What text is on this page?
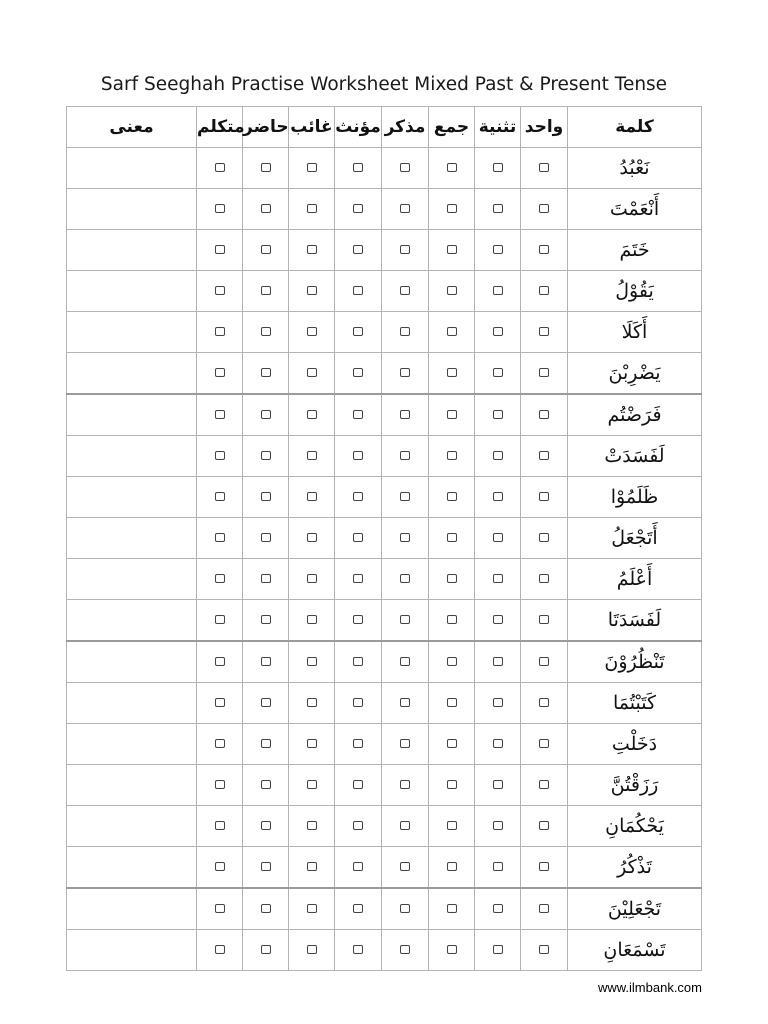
Sarf Seeghah Practise Worksheet Mixed Past & Present Tense
معنى	متكلم	حاضر	غائب	مؤنث	مذكر	جمع	تثنية	واحد	كلمة
									نَعْبُدُ
									أَنْعَمْتَ
									خَتَمَ
									يَقُوْلُ
									أَكَلَا
									يَضْرِبْنَ
									فَرَضْتُم
									لَفَسَدَتْ
									ظَلَمُوْا
									أَتَجْعَلُ
									أَعْلَمُ
									لَفَسَدَتَا
									تَنْظُرُوْنَ
									كَتَبْتُمَا
									دَخَلْتِ
									رَزَقْتُنَّ
									يَحْكُمَانِ
									تَذْكُرُ
									تَجْعَلِيْنَ
									تَسْمَعَانِ
www.ilmbank.com
